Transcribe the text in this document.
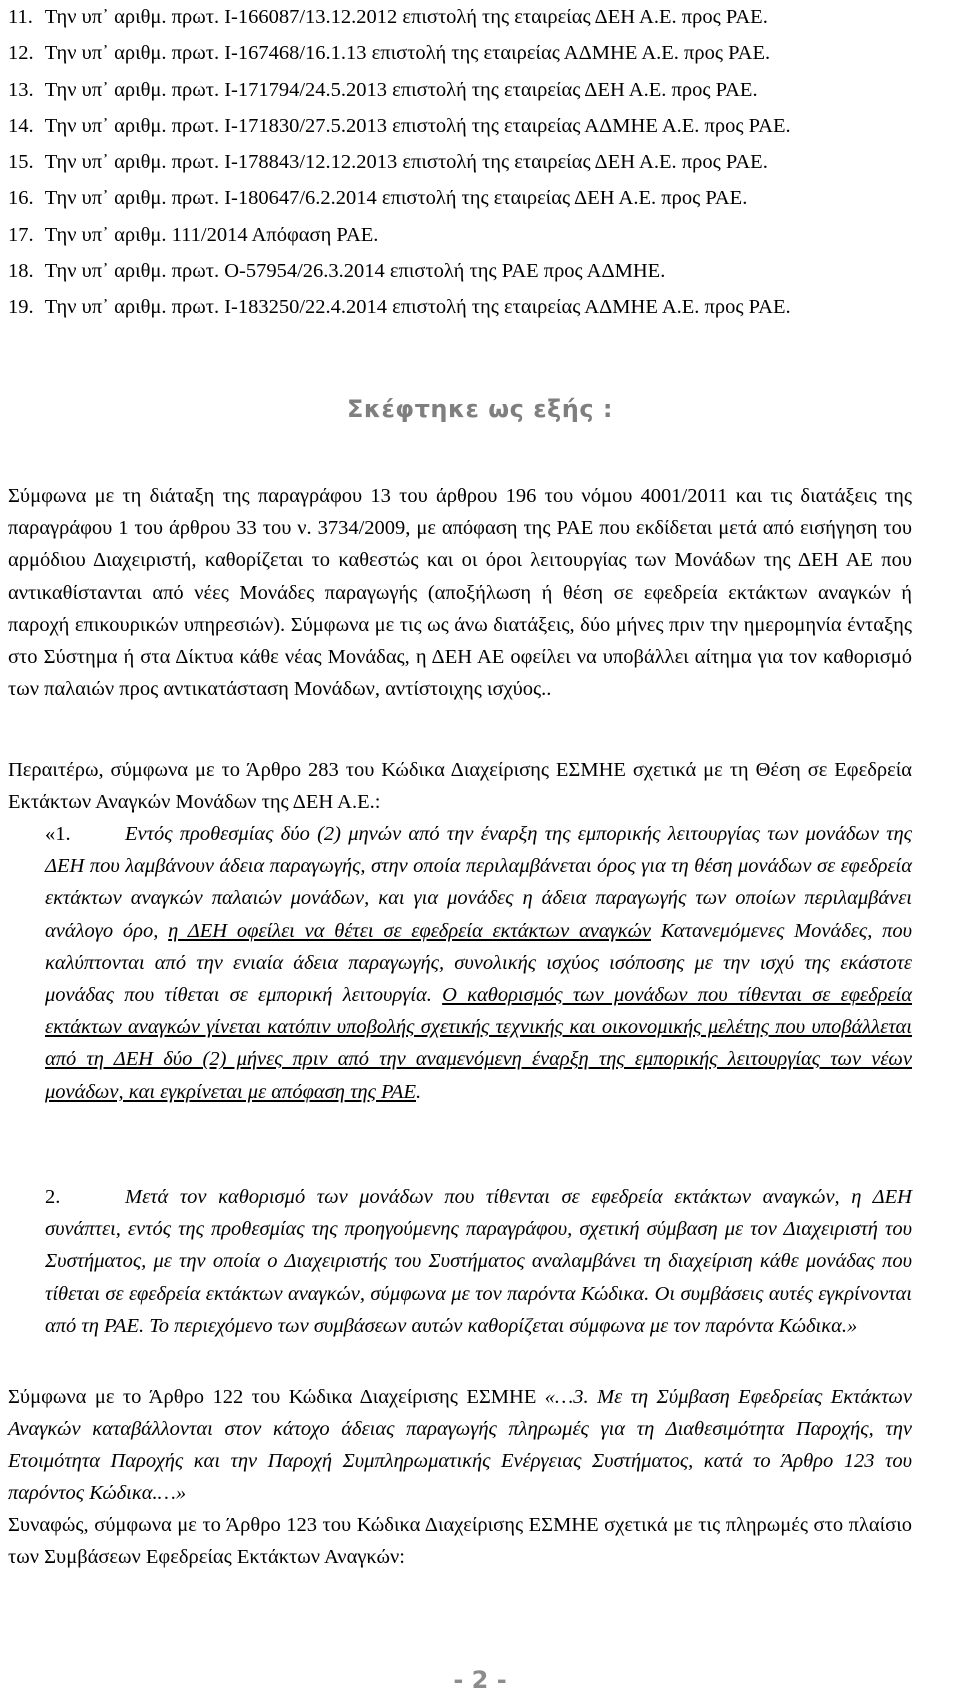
11. Την υπ᾽ αριθμ. πρωτ. Ι-166087/13.12.2012 επιστολή της εταιρείας ΔΕΗ Α.Ε. προς ΡΑΕ.
12. Την υπ᾽ αριθμ. πρωτ. Ι-167468/16.1.13 επιστολή της εταιρείας ΑΔΜΗΕ Α.Ε. προς ΡΑΕ.
13. Την υπ᾽ αριθμ. πρωτ. Ι-171794/24.5.2013 επιστολή της εταιρείας ΔΕΗ Α.Ε. προς ΡΑΕ.
14. Την υπ᾽ αριθμ. πρωτ. Ι-171830/27.5.2013 επιστολή της εταιρείας ΑΔΜΗΕ Α.Ε. προς ΡΑΕ.
15. Την υπ᾽ αριθμ. πρωτ. Ι-178843/12.12.2013 επιστολή της εταιρείας ΔΕΗ Α.Ε. προς ΡΑΕ.
16. Την υπ᾽ αριθμ. πρωτ. Ι-180647/6.2.2014 επιστολή της εταιρείας ΔΕΗ Α.Ε. προς ΡΑΕ.
17. Την υπ᾽ αριθμ. 111/2014 Απόφαση ΡΑΕ.
18. Την υπ᾽ αριθμ. πρωτ. Ο-57954/26.3.2014 επιστολή της ΡΑΕ προς ΑΔΜΗΕ.
19. Την υπ᾽ αριθμ. πρωτ. Ι-183250/22.4.2014 επιστολή της εταιρείας ΑΔΜΗΕ Α.Ε. προς ΡΑΕ.
Σκέφτηκε ως εξής :
Σύμφωνα με τη διάταξη της παραγράφου 13 του άρθρου 196 του νόμου 4001/2011 και τις διατάξεις της παραγράφου 1 του άρθρου 33 του ν. 3734/2009, με απόφαση της ΡΑΕ που εκδίδεται μετά από εισήγηση του αρμόδιου Διαχειριστή, καθορίζεται το καθεστώς και οι όροι λειτουργίας των Μονάδων της ΔΕΗ ΑΕ που αντικαθίστανται από νέες Μονάδες παραγωγής (αποξήλωση ή θέση σε εφεδρεία εκτάκτων αναγκών ή παροχή επικουρικών υπηρεσιών). Σύμφωνα με τις ως άνω διατάξεις, δύο μήνες πριν την ημερομηνία ένταξης στο Σύστημα ή στα Δίκτυα κάθε νέας Μονάδας, η ΔΕΗ ΑΕ οφείλει να υποβάλλει αίτημα για τον καθορισμό των παλαιών προς αντικατάσταση Μονάδων, αντίστοιχης ισχύος..
Περαιτέρω, σύμφωνα με το Άρθρο 283 του Κώδικα Διαχείρισης ΕΣΜΗΕ σχετικά με τη Θέση σε Εφεδρεία Εκτάκτων Αναγκών Μονάδων της ΔΕΗ Α.Ε.:
«1.	Εντός προθεσμίας δύο (2) μηνών από την έναρξη της εμπορικής λειτουργίας των μονάδων της ΔΕΗ που λαμβάνουν άδεια παραγωγής, στην οποία περιλαμβάνεται όρος για τη θέση μονάδων σε εφεδρεία εκτάκτων αναγκών παλαιών μονάδων, και για μονάδες η άδεια παραγωγής των οποίων περιλαμβάνει ανάλογο όρο, η ΔΕΗ οφείλει να θέτει σε εφεδρεία εκτάκτων αναγκών Κατανεμόμενες Μονάδες, που καλύπτονται από την ενιαία άδεια παραγωγής, συνολικής ισχύος ισόποσης με την ισχύ της εκάστοτε μονάδας που τίθεται σε εμπορική λειτουργία. Ο καθορισμός των μονάδων που τίθενται σε εφεδρεία εκτάκτων αναγκών γίνεται κατόπιν υποβολής σχετικής τεχνικής και οικονομικής μελέτης που υποβάλλεται από τη ΔΕΗ δύο (2) μήνες πριν από την αναμενόμενη έναρξη της εμπορικής λειτουργίας των νέων μονάδων, και εγκρίνεται με απόφαση της ΡΑΕ.
2.	Μετά τον καθορισμό των μονάδων που τίθενται σε εφεδρεία εκτάκτων αναγκών, η ΔΕΗ συνάπτει, εντός της προθεσμίας της προηγούμενης παραγράφου, σχετική σύμβαση με τον Διαχειριστή του Συστήματος, με την οποία ο Διαχειριστής του Συστήματος αναλαμβάνει τη διαχείριση κάθε μονάδας που τίθεται σε εφεδρεία εκτάκτων αναγκών, σύμφωνα με τον παρόντα Κώδικα. Οι συμβάσεις αυτές εγκρίνονται από τη ΡΑΕ. Το περιεχόμενο των συμβάσεων αυτών καθορίζεται σύμφωνα με τον παρόντα Κώδικα.»
Σύμφωνα με το Άρθρο 122 του Κώδικα Διαχείρισης ΕΣΜΗΕ «…3. Με τη Σύμβαση Εφεδρείας Εκτάκτων Αναγκών καταβάλλονται στον κάτοχο άδειας παραγωγής πληρωμές για τη Διαθεσιμότητα Παροχής, την Ετοιμότητα Παροχής και την Παροχή Συμπληρωματικής Ενέργειας Συστήματος, κατά το Άρθρο 123 του παρόντος Κώδικα.…»
Συναφώς, σύμφωνα με το Άρθρο 123 του Κώδικα Διαχείρισης ΕΣΜΗΕ σχετικά με τις πληρωμές στο πλαίσιο των Συμβάσεων Εφεδρείας Εκτάκτων Αναγκών:
- 2 -
